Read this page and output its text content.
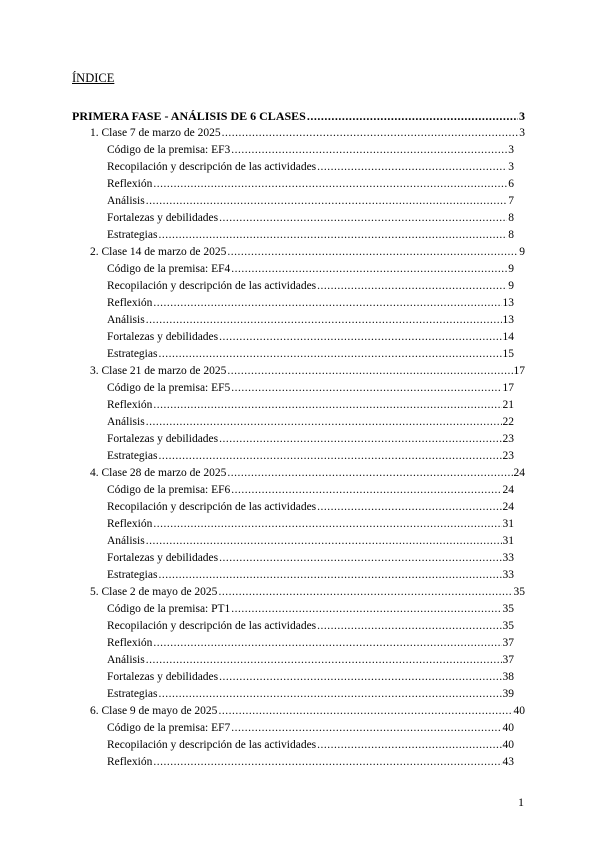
ÍNDICE
PRIMERA FASE - ANÁLISIS DE 6 CLASES .....	3
1. Clase 7 de marzo de 2025 .....	3
Código de la premisa: EF3 .....	3
Recopilación y descripción de las actividades .....	3
Reflexión .....	6
Análisis .....	7
Fortalezas y debilidades .....	8
Estrategias .....	8
2. Clase 14 de marzo de 2025 .....	9
Código de la premisa: EF4 .....	9
Recopilación y descripción de las actividades .....	9
Reflexión .....	13
Análisis .....	13
Fortalezas y debilidades .....	14
Estrategias .....	15
3. Clase 21 de marzo de 2025 .....	17
Código de la premisa: EF5 .....	17
Reflexión .....	21
Análisis .....	22
Fortalezas y debilidades .....	23
Estrategias .....	23
4. Clase 28 de marzo de 2025 .....	24
Código de la premisa: EF6 .....	24
Recopilación y descripción de las actividades .....	24
Reflexión .....	31
Análisis .....	31
Fortalezas y debilidades .....	33
Estrategias .....	33
5. Clase 2 de mayo de 2025 .....	35
Código de la premisa: PT1 .....	35
Recopilación y descripción de las actividades .....	35
Reflexión .....	37
Análisis .....	37
Fortalezas y debilidades .....	38
Estrategias .....	39
6. Clase 9 de mayo de 2025 .....	40
Código de la premisa: EF7 .....	40
Recopilación y descripción de las actividades .....	40
Reflexión .....	43
1
